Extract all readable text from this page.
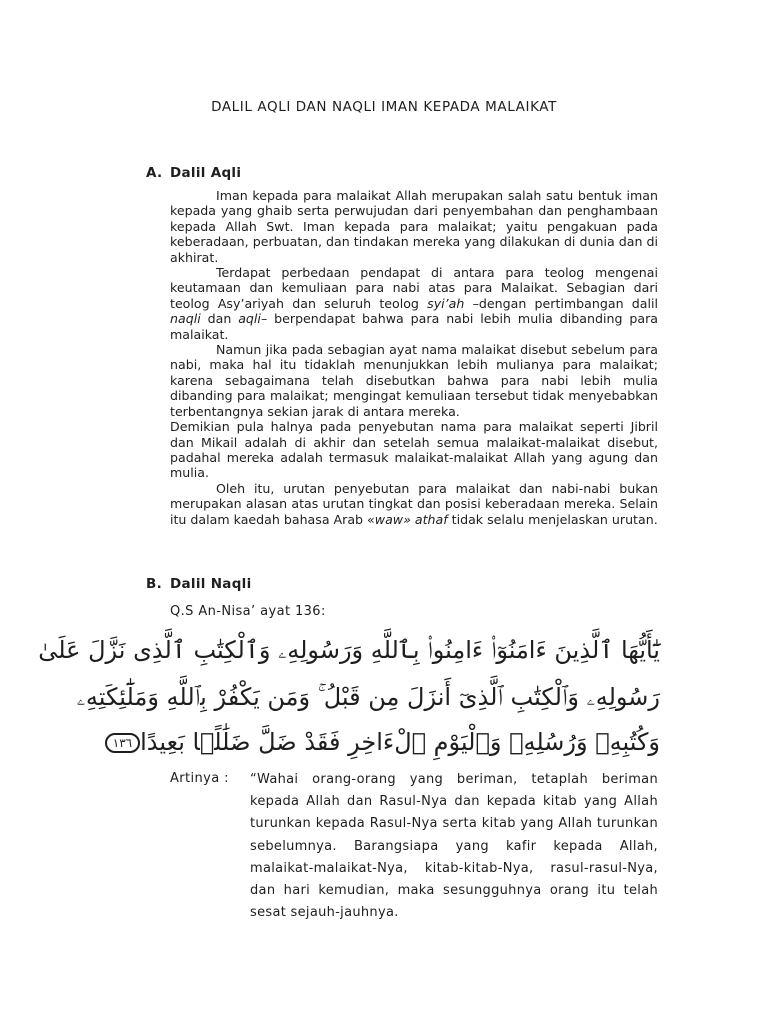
DALIL AQLI DAN NAQLI IMAN KEPADA MALAIKAT
A. Dalil Aqli

Iman kepada para malaikat Allah merupakan salah satu bentuk iman kepada yang ghaib serta perwujudan dari penyembahan dan penghambaan kepada Allah Swt. Iman kepada para malaikat; yaitu pengakuan pada keberadaan, perbuatan, dan tindakan mereka yang dilakukan di dunia dan di akhirat.

Terdapat perbedaan pendapat di antara para teolog mengenai keutamaan dan kemuliaan para nabi atas para Malaikat. Sebagian dari teolog Asy’ariyah dan seluruh teolog syi’ah –dengan pertimbangan dalil naqli dan aqli– berpendapat bahwa para nabi lebih mulia dibanding para malaikat.

Namun jika pada sebagian ayat nama malaikat disebut sebelum para nabi, maka hal itu tidaklah menunjukkan lebih mulianya para malaikat; karena sebagaimana telah disebutkan bahwa para nabi lebih mulia dibanding para malaikat; mengingat kemuliaan tersebut tidak menyebabkan terbentangnya sekian jarak di antara mereka.

Demikian pula halnya pada penyebutan nama para malaikat seperti Jibril dan Mikail adalah di akhir dan setelah semua malaikat-malaikat disebut, padahal mereka adalah termasuk malaikat-malaikat Allah yang agung dan mulia.

Oleh itu, urutan penyebutan para malaikat dan nabi-nabi bukan merupakan alasan atas urutan tingkat dan posisi keberadaan mereka. Selain itu dalam kaedah bahasa Arab «waw» athaf tidak selalu menjelaskan urutan.

B. Dalil Naqli
Q.S An-Nisa’ ayat 136:
يَٰٓأَيُّهَا ٱلَّذِينَ ءَامَنُوٓا۟ ءَامِنُوا۟ بِٱللَّهِ وَرَسُولِهِۦ وَٱلْكِتَٰبِ ٱلَّذِى نَزَّلَ عَلَىٰ
رَسُولِهِۦ وَٱلْكِتَٰبِ ٱلَّذِىٓ أَنزَلَ مِن قَبْلُ ۚ وَمَن يَكْفُرْ بِٱللَّهِ وَمَلَٰٓئِكَتِهِۦ
وَكُتُبِهِۦ وَرُسُلِهِۦ وَٱلْيَوْمِ ٱلْءَاخِرِ فَقَدْ ضَلَّ ضَلَٰلًۢا بَعِيدًا١٣٦
Artinya : “Wahai orang-orang yang beriman, tetaplah beriman kepada Allah dan Rasul-Nya dan kepada kitab yang Allah turunkan kepada Rasul-Nya serta kitab yang Allah turunkan sebelumnya. Barangsiapa yang kafir kepada Allah, malaikat-malaikat-Nya, kitab-kitab-Nya, rasul-rasul-Nya, dan hari kemudian, maka sesungguhnya orang itu telah sesat sejauh-jauhnya.
